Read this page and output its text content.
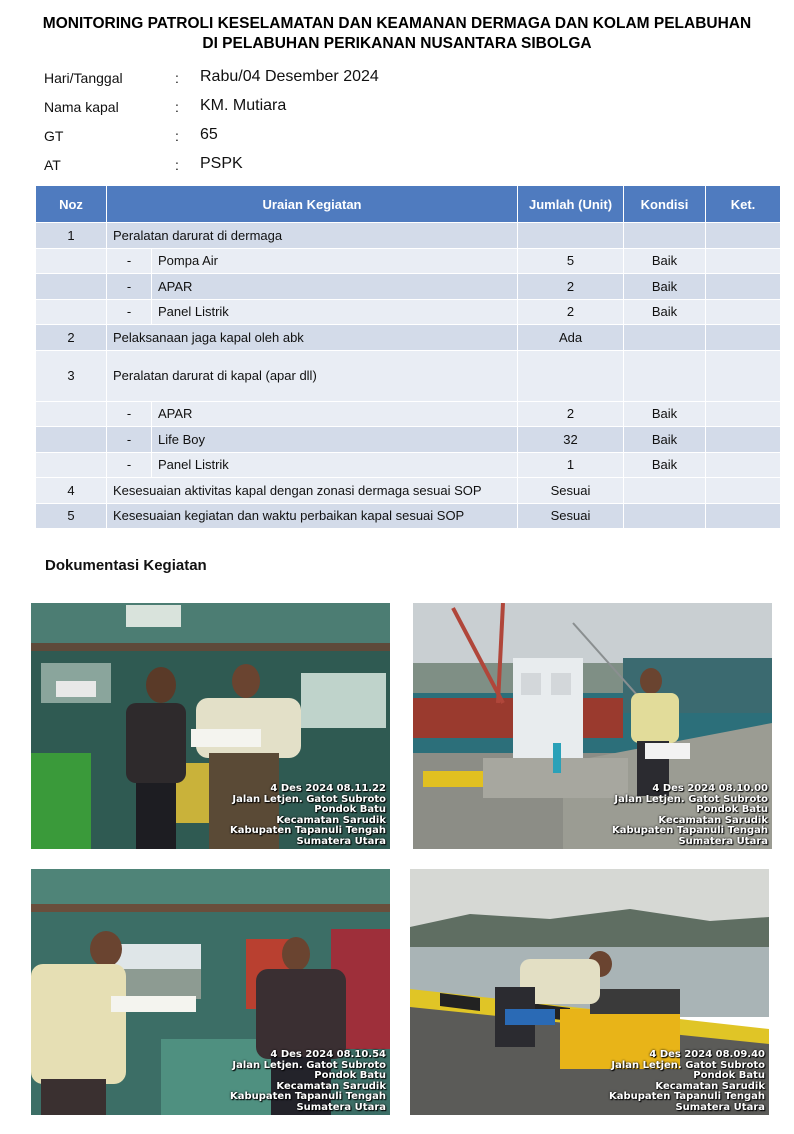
MONITORING PATROLI KESELAMATAN DAN KEAMANAN DERMAGA DAN KOLAM PELABUHAN
DI PELABUHAN PERIKANAN NUSANTARA SIBOLGA
Hari/Tanggal	: Rabu/04 Desember 2024
Nama kapal	: KM. Mutiara
GT	: 65
AT	: PSPK
Noz	Uraian Kegiatan		Jumlah (Unit)	Kondisi	Ket.
1	Peralatan darurat di dermaga				
	-	Pompa Air	5	Baik	
	-	APAR	2	Baik	
	-	Panel Listrik	2	Baik	
2	Pelaksanaan jaga kapal oleh abk		Ada		
3	Peralatan darurat di kapal (apar dll)				
	-	APAR	2	Baik	
	-	Life Boy	32	Baik	
	-	Panel Listrik	1	Baik	
4	Kesesuaian aktivitas kapal dengan zonasi dermaga sesuai SOP		Sesuai		
5	Kesesuaian kegiatan dan waktu perbaikan kapal sesuai SOP		Sesuai		
Dokumentasi Kegiatan
4 Des 2024 08.11.22
Jalan Letjen. Gatot Subroto
Pondok Batu
Kecamatan Sarudik
Kabupaten Tapanuli Tengah
Sumatera Utara
4 Des 2024 08.10.00
Jalan Letjen. Gatot Subroto
Pondok Batu
Kecamatan Sarudik
Kabupaten Tapanuli Tengah
Sumatera Utara
4 Des 2024 08.10.54
Jalan Letjen. Gatot Subroto
Pondok Batu
Kecamatan Sarudik
Kabupaten Tapanuli Tengah
Sumatera Utara
4 Des 2024 08.09.40
Jalan Letjen. Gatot Subroto
Pondok Batu
Kecamatan Sarudik
Kabupaten Tapanuli Tengah
Sumatera Utara
